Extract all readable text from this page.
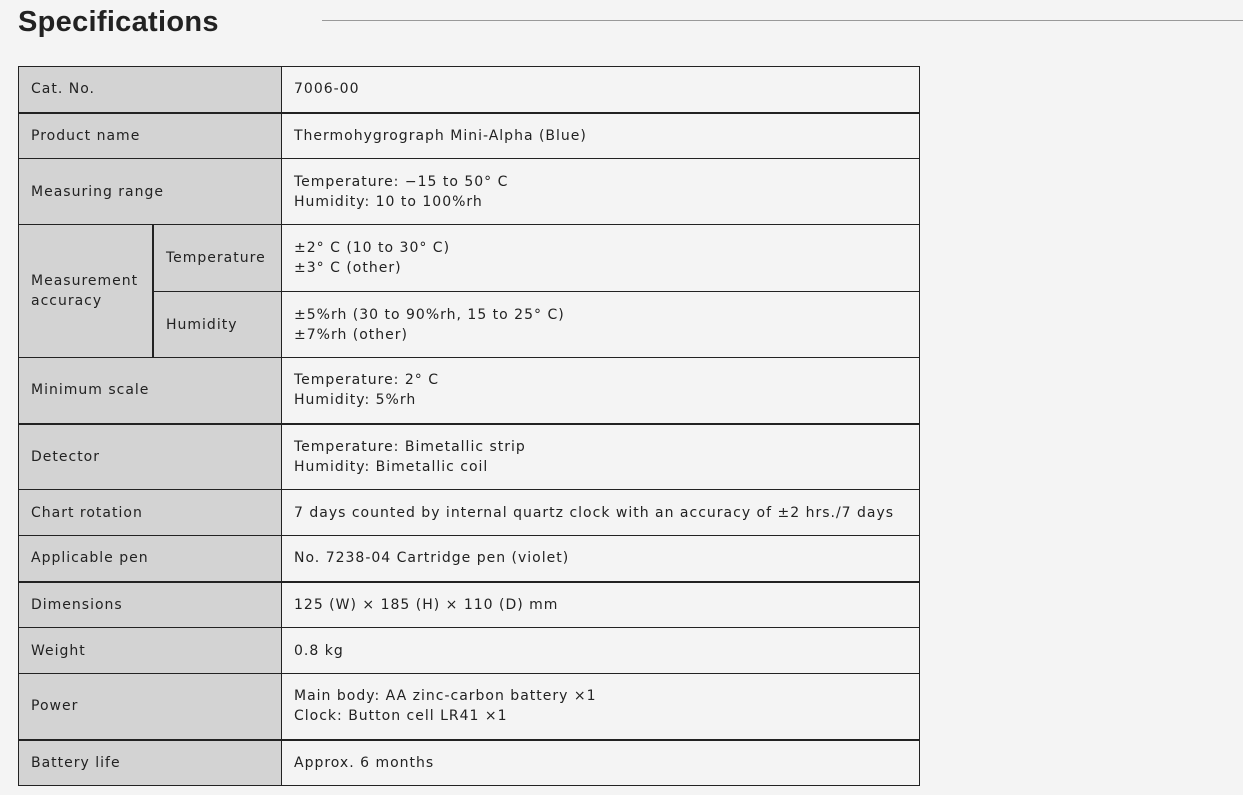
Specifications
Cat. No.		7006-00
Product name		Thermohygrograph Mini-Alpha (Blue)
Measuring range		Temperature: −15 to 50° C
Humidity: 10 to 100%rh

Measurement accuracy	Temperature	±2° C (10 to 30° C)
±3° C (other)

	Humidity	±5%rh (30 to 90%rh, 15 to 25° C)
±7%rh (other)

Minimum scale		Temperature: 2° C
Humidity: 5%rh

Detector		Temperature: Bimetallic strip
Humidity: Bimetallic coil

Chart rotation		7 days counted by internal quartz clock with an accuracy of ±2 hrs./7 days
Applicable pen		No. 7238-04 Cartridge pen (violet)
Dimensions		125 (W) × 185 (H) × 110 (D) mm
Weight		0.8 kg
Power		Main body: AA zinc-carbon battery ×1
Clock: Button cell LR41 ×1

Battery life		Approx. 6 months
